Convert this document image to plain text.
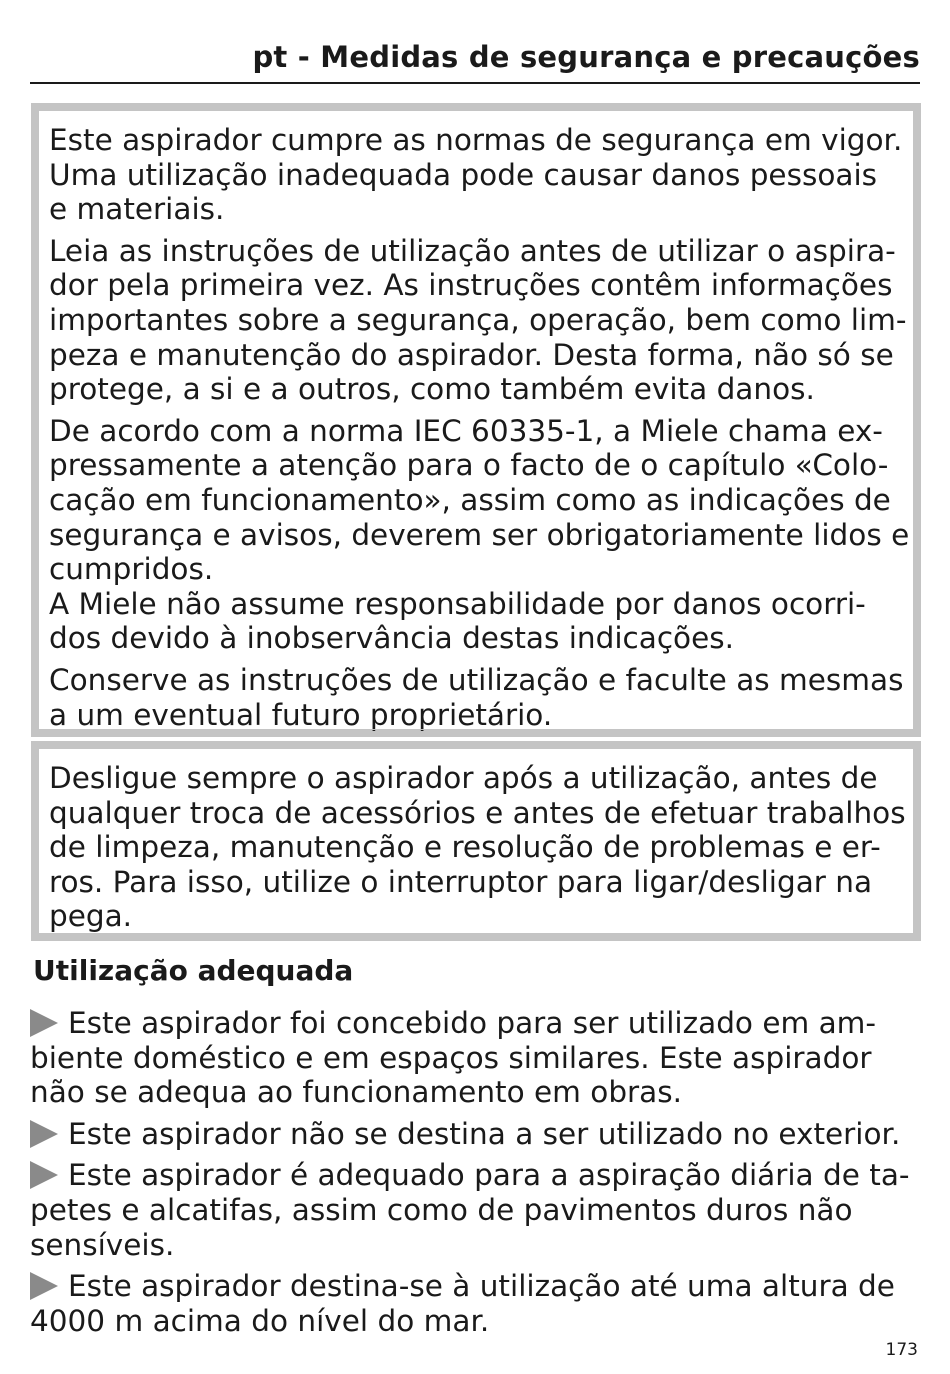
pt - Medidas de segurança e precauções

Este aspirador cumpre as normas de segurança em vigor.
Uma utilização inadequada pode causar danos pessoais
e materiais.

Leia as instruções de utilização antes de utilizar o aspira-
dor pela primeira vez. As instruções contêm informações
importantes sobre a segurança, operação, bem como lim-
peza e manutenção do aspirador. Desta forma, não só se
protege, a si e a outros, como também evita danos.

De acordo com a norma IEC 60335-1, a Miele chama ex-
pressamente a atenção para o facto de o capítulo «Colo-
cação em funcionamento», assim como as indicações de
segurança e avisos, deverem ser obrigatoriamente lidos e
cumpridos.

A Miele não assume responsabilidade por danos ocorri-
dos devido à inobservância destas indicações.

Conserve as instruções de utilização e faculte as mesmas
a um eventual futuro proprietário.

Desligue sempre o aspirador após a utilização, antes de
qualquer troca de acessórios e antes de efetuar trabalhos
de limpeza, manutenção e resolução de problemas e er-
ros. Para isso, utilize o interruptor para ligar/desligar na
pega.

Utilização adequada
Este aspirador foi concebido para ser utilizado em am-
biente doméstico e em espaços similares. Este aspirador
não se adequa ao funcionamento em obras.
Este aspirador não se destina a ser utilizado no exterior.
Este aspirador é adequado para a aspiração diária de ta-
petes e alcatifas, assim como de pavimentos duros não
sensíveis.
Este aspirador destina-se à utilização até uma altura de
4000 m acima do nível do mar.
173
